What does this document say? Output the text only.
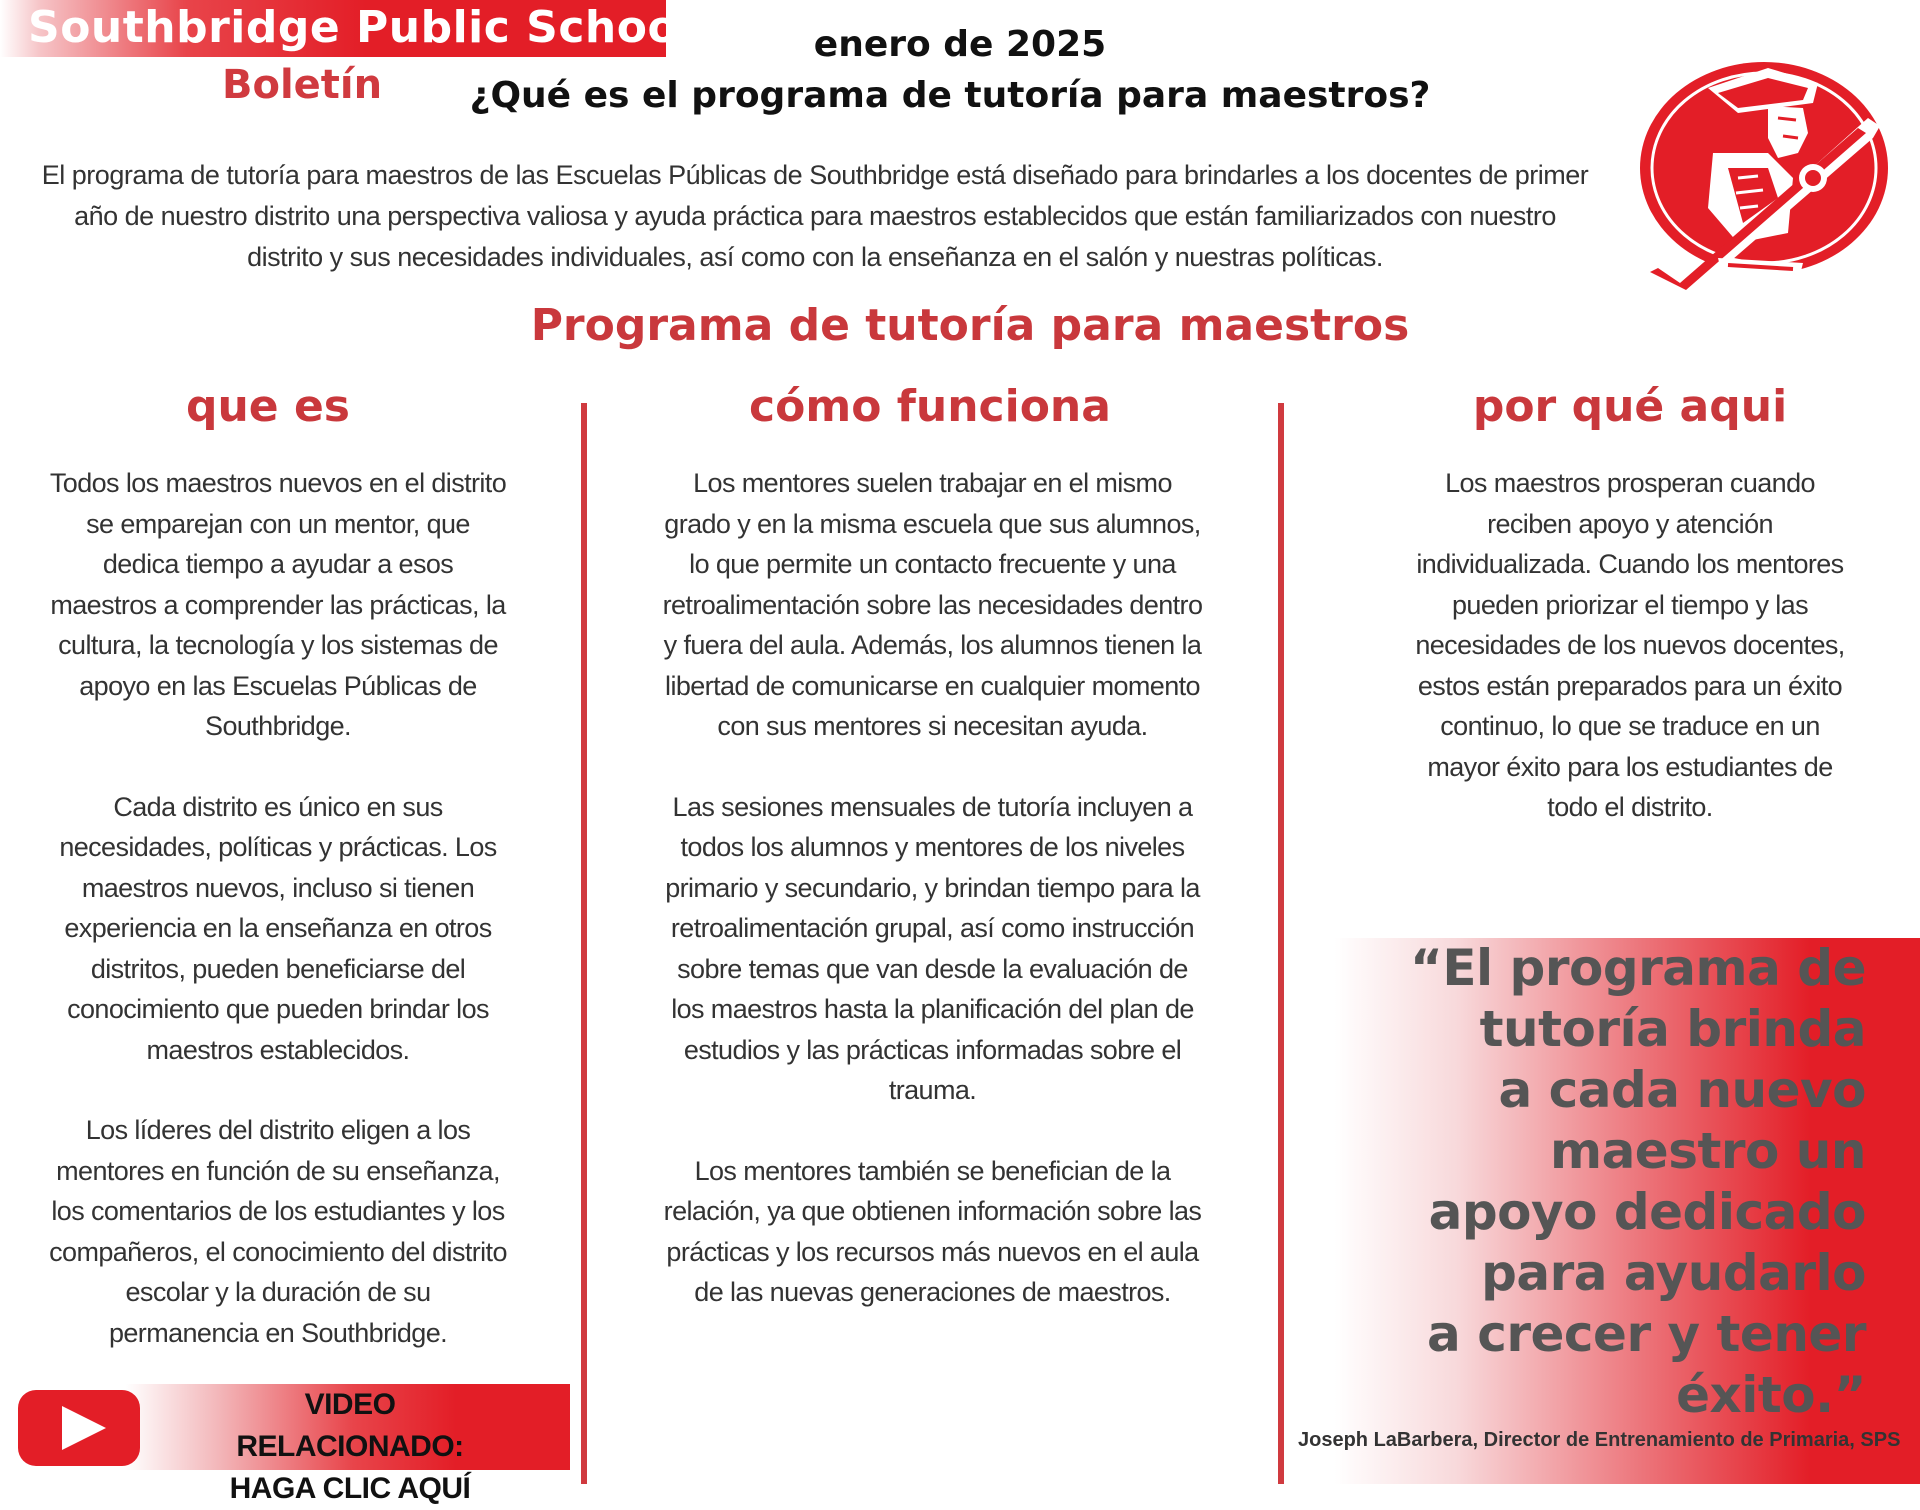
Southbridge Public Schools
Boletín
enero de 2025
¿Qué es el programa de tutoría para maestros?
El programa de tutoría para maestros de las Escuelas Públicas de Southbridge está diseñado para brindarles a los docentes de primer año de nuestro distrito una perspectiva valiosa y ayuda práctica para maestros establecidos que están familiarizados con nuestro distrito y sus necesidades individuales, así como con la enseñanza en el salón y nuestras políticas.
Programa de tutoría para maestros
que es	cómo funciona	por qué aqui

Todos los maestros nuevos en el distrito se emparejan con un mentor, que dedica tiempo a ayudar a esos maestros a comprender las prácticas, la cultura, la tecnología y los sistemas de apoyo en las Escuelas Públicas de Southbridge.

Cada distrito es único en sus necesidades, políticas y prácticas. Los maestros nuevos, incluso si tienen experiencia en la enseñanza en otros distritos, pueden beneficiarse del conocimiento que pueden brindar los maestros establecidos.

Los líderes del distrito eligen a los mentores en función de su enseñanza, los comentarios de los estudiantes y los compañeros, el conocimiento del distrito escolar y la duración de su permanencia en Southbridge.

Los mentores suelen trabajar en el mismo grado y en la misma escuela que sus alumnos, lo que permite un contacto frecuente y una retroalimentación sobre las necesidades dentro y fuera del aula. Además, los alumnos tienen la libertad de comunicarse en cualquier momento con sus mentores si necesitan ayuda.

Las sesiones mensuales de tutoría incluyen a todos los alumnos y mentores de los niveles primario y secundario, y brindan tiempo para la retroalimentación grupal, así como instrucción sobre temas que van desde la evaluación de los maestros hasta la planificación del plan de estudios y las prácticas informadas sobre el trauma.

Los mentores también se benefician de la relación, ya que obtienen información sobre las prácticas y los recursos más nuevos en el aula de las nuevas generaciones de maestros.

Los maestros prosperan cuando reciben apoyo y atención individualizada. Cuando los mentores pueden priorizar el tiempo y las necesidades de los nuevos docentes, estos están preparados para un éxito continuo, lo que se traduce en un mayor éxito para los estudiantes de todo el distrito.

“El programa de
tutoría brinda
a cada nuevo
maestro un
apoyo dedicado
para ayudarlo
a crecer y tener
éxito.”
Joseph LaBarbera, Director de Entrenamiento de Primaria, SPS
VIDEO RELACIONADO:
HAGA CLIC AQUÍ
